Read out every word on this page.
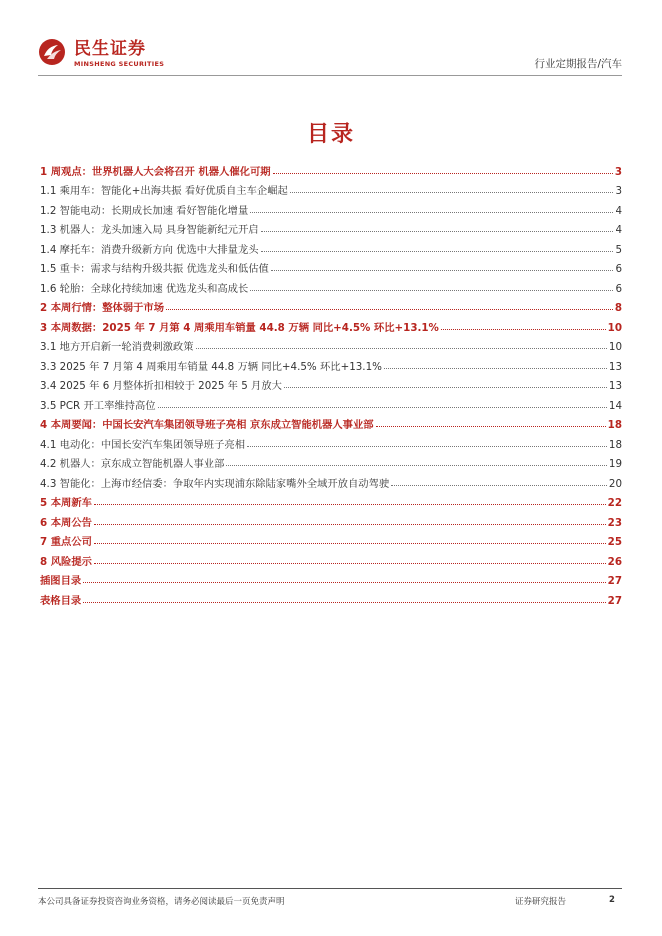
民生证券
MINSHENG SECURITIES	行业定期报告/汽车
目录
1 周观点：世界机器人大会将召开 机器人催化可期	3
1.1 乘用车：智能化+出海共振 看好优质自主车企崛起	3
1.2 智能电动：长期成长加速 看好智能化增量	4
1.3 机器人：龙头加速入局 具身智能新纪元开启	4
1.4 摩托车：消费升级新方向 优选中大排量龙头	5
1.5 重卡：需求与结构升级共振 优选龙头和低估值	6
1.6 轮胎：全球化持续加速 优选龙头和高成长	6
2 本周行情：整体弱于市场	8
3 本周数据：2025 年 7 月第 4 周乘用车销量 44.8 万辆 同比+4.5% 环比+13.1%	10
3.1 地方开启新一轮消费刺激政策	10
3.3 2025 年 7 月第 4 周乘用车销量 44.8 万辆 同比+4.5% 环比+13.1%	13
3.4 2025 年 6 月整体折扣相较于 2025 年 5 月放大	13
3.5 PCR 开工率维持高位	14
4 本周要闻：中国长安汽车集团领导班子亮相 京东成立智能机器人事业部	18
4.1 电动化：中国长安汽车集团领导班子亮相	18
4.2 机器人：京东成立智能机器人事业部	19
4.3 智能化：上海市经信委：争取年内实现浦东除陆家嘴外全域开放自动驾驶	20
5 本周新车	22
6 本周公告	23
7 重点公司	25
8 风险提示	26
插图目录	27
表格目录	27
本公司具备证券投资咨询业务资格，请务必阅读最后一页免责声明	证券研究报告	2
